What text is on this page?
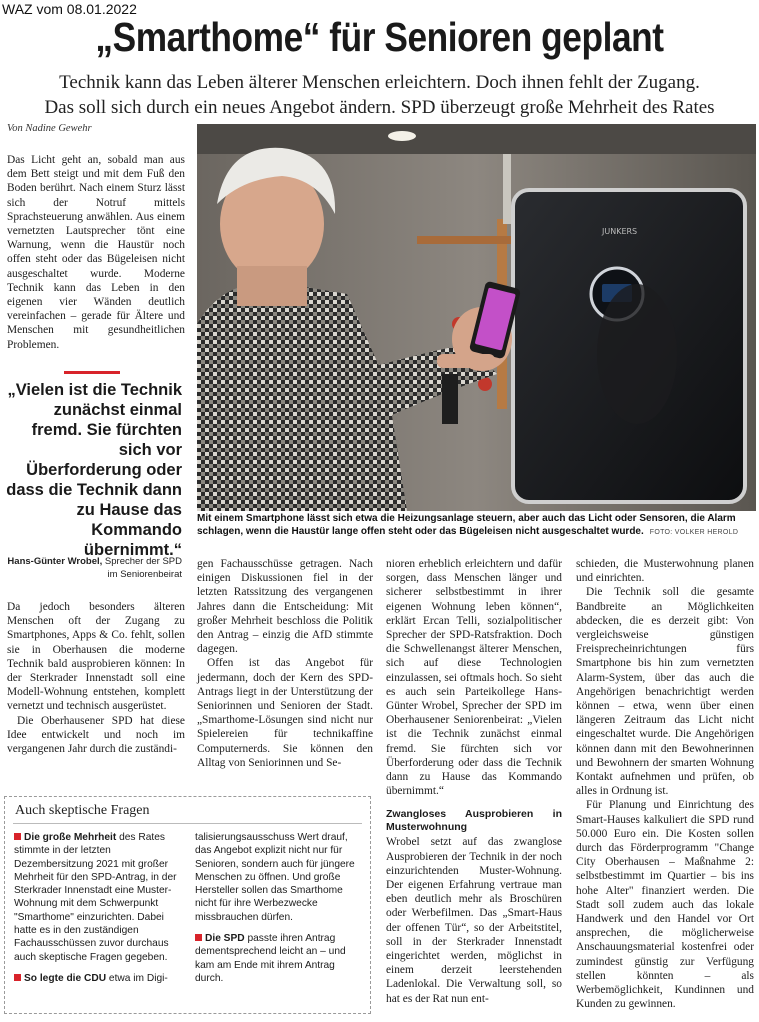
WAZ vom 08.01.2022
„Smarthome“ für Senioren geplant
Technik kann das Leben älterer Menschen erleichtern. Doch ihnen fehlt der Zugang.
Das soll sich durch ein neues Angebot ändern. SPD überzeugt große Mehrheit des Rates
Von Nadine Gewehr

Das Licht geht an, sobald man aus dem Bett steigt und mit dem Fuß den Boden berührt. Nach einem Sturz lässt sich der Notruf mittels Sprachsteuerung anwählen. Aus einem vernetzten Lautsprecher tönt eine Warnung, wenn die Haustür noch offen steht oder das Bügeleisen nicht ausgeschaltet wurde. Moderne Technik kann das Leben in den eigenen vier Wänden deutlich vereinfachen – gerade für Ältere und Menschen mit gesundheitlichen Problemen.

JUNKERS
Mit einem Smartphone lässt sich etwa die Heizungsanlage steuern, aber auch das Licht oder Sensoren, die Alarm schlagen, wenn die Haustür lange offen steht oder das Bügeleisen nicht ausgeschaltet wurde. FOTO: VOLKER HEROLD
„Vielen ist die Technik zunächst einmal fremd. Sie fürchten sich vor Überforderung oder dass die Technik dann zu Hause das Kommando übernimmt.“
Hans-Günter Wrobel, Sprecher der SPD im Seniorenbeirat

Da jedoch besonders älteren Menschen oft der Zugang zu Smartphones, Apps & Co. fehlt, sollen sie in Oberhausen die moderne Technik bald ausprobieren können: In der Sterkrader Innenstadt soll eine Modell-Wohnung entstehen, komplett vernetzt und technisch ausgerüstet.

Die Oberhausener SPD hat diese Idee entwickelt und noch im vergangenen Jahr durch die zuständi-

gen Fachausschüsse getragen. Nach einigen Diskussionen fiel in der letzten Ratssitzung des vergangenen Jahres dann die Entscheidung: Mit großer Mehrheit beschloss die Politik den Antrag – einzig die AfD stimmte dagegen.

Offen ist das Angebot für jedermann, doch der Kern des SPD-Antrags liegt in der Unterstützung der Seniorinnen und Senioren der Stadt. „Smarthome-Lösungen sind nicht nur Spielereien für technikaffine Computernerds. Sie können den Alltag von Seniorinnen und Se-

nioren erheblich erleichtern und dafür sorgen, dass Menschen länger und sicherer selbstbestimmt in ihrer eigenen Wohnung leben können“, erklärt Ercan Telli, sozialpolitischer Sprecher der SPD-Ratsfraktion. Doch die Schwellenangst älterer Menschen, sich auf diese Technologien einzulassen, sei oftmals hoch. So sieht es auch sein Parteikollege Hans-Günter Wrobel, Sprecher der SPD im Oberhausener Seniorenbeirat: „Vielen ist die Technik zunächst einmal fremd. Sie fürchten sich vor Überforderung oder dass die Technik dann zu Hause das Kommando übernimmt.“

Zwangloses Ausprobieren in Musterwohnung

Wrobel setzt auf das zwanglose Ausprobieren der Technik in der noch einzurichtenden Muster-Wohnung. Der eigenen Erfahrung vertraue man eben deutlich mehr als Broschüren oder Werbefilmen. Das „Smart-Haus der offenen Tür“, so der Arbeitstitel, soll in der Sterkrader Innenstadt eingerichtet werden, möglichst in einem derzeit leerstehenden Ladenlokal. Die Verwaltung soll, so hat es der Rat nun ent-

schieden, die Musterwohnung planen und einrichten.

Die Technik soll die gesamte Bandbreite an Möglichkeiten abdecken, die es derzeit gibt: Von vergleichsweise günstigen Freisprecheinrichtungen fürs Smartphone bis hin zum vernetzten Alarm-System, über das auch die Angehörigen benachrichtigt werden können – etwa, wenn über einen längeren Zeitraum das Licht nicht eingeschaltet wurde. Die Angehörigen können dann mit den Bewohnerinnen und Bewohnern der smarten Wohnung Kontakt aufnehmen und prüfen, ob alles in Ordnung ist.

Für Planung und Einrichtung des Smart-Hauses kalkuliert die SPD rund 50.000 Euro ein. Die Kosten sollen durch das Förderprogramm "Change City Oberhausen – Maßnahme 2: selbstbestimmt im Quartier – bis ins hohe Alter" finanziert werden. Die Stadt soll zudem auch das lokale Handwerk und den Handel vor Ort ansprechen, die möglicherweise Anschauungsmaterial kostenfrei oder zumindest günstig zur Verfügung stellen könnten – als Werbemöglichkeit, Kundinnen und Kunden zu gewinnen.

Auch skeptische Fragen

Die große Mehrheit des Rates stimmte in der letzten Dezembersitzung 2021 mit großer Mehrheit für den SPD-Antrag, in der Sterkrader Innenstadt eine Muster-Wohnung mit dem Schwerpunkt "Smarthome" einzurichten. Dabei hatte es in den zuständigen Fachausschüssen zuvor durchaus auch skeptische Fragen gegeben.

So legte die CDU etwa im Digi-

talisierungsausschuss Wert drauf, das Angebot explizit nicht nur für Senioren, sondern auch für jüngere Menschen zu öffnen. Und große Hersteller sollen das Smarthome nicht für ihre Werbezwecke missbrauchen dürfen.

Die SPD passte ihren Antrag dementsprechend leicht an – und kam am Ende mit ihrem Antrag durch.
